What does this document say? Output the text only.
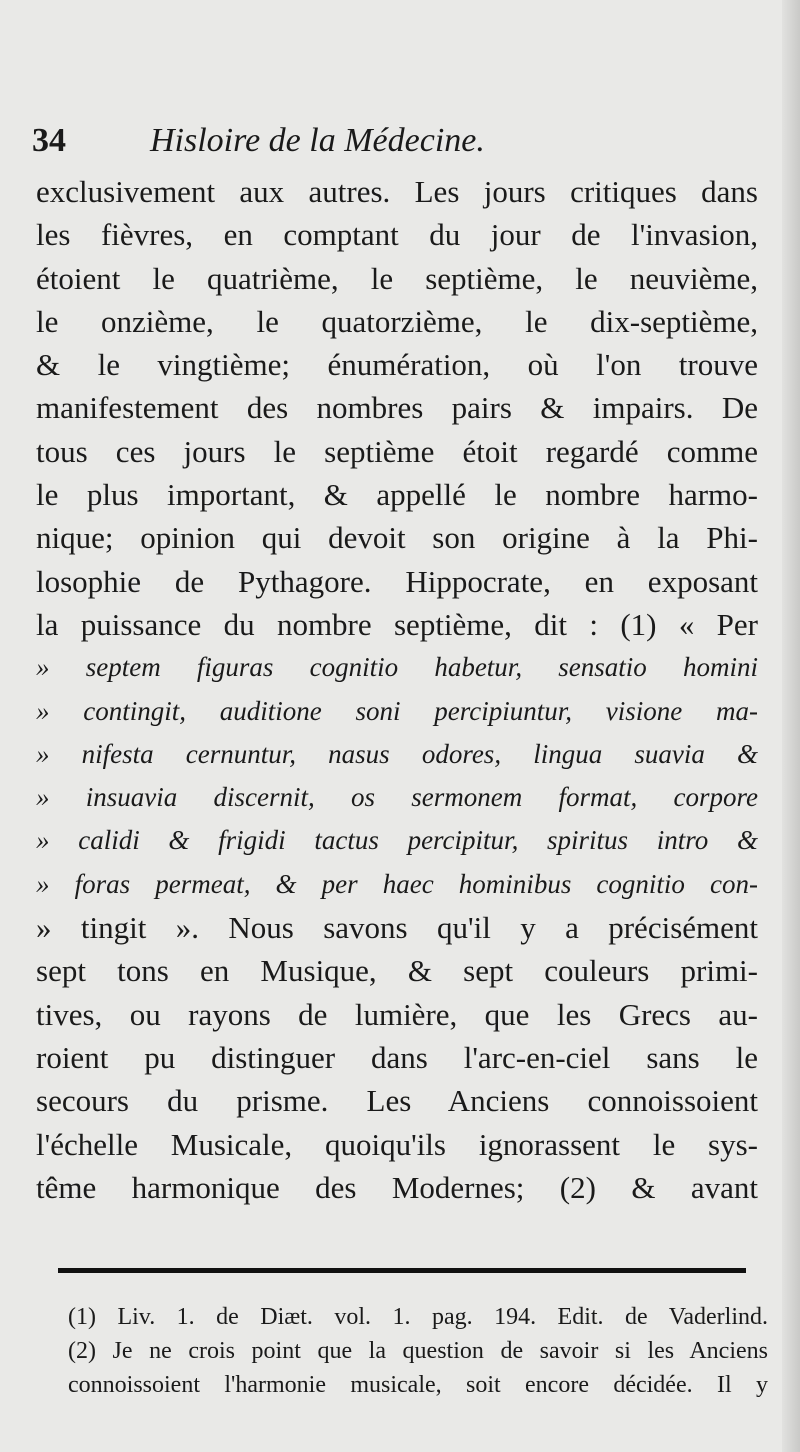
34 Hisloire de la Médecine.
exclusivement aux autres. Les jours critiques dans
les fièvres, en comptant du jour de l'invasion,
étoient le quatrième, le septième, le neuvième,
le onzième, le quatorzième, le dix-septième,
& le vingtième; énumération, où l'on trouve
manifestement des nombres pairs & impairs. De
tous ces jours le septième étoit regardé comme
le plus important, & appellé le nombre harmo-
nique; opinion qui devoit son origine à la Phi-
losophie de Pythagore. Hippocrate, en exposant
la puissance du nombre septième, dit : (1) « Per
» septem figuras cognitio habetur, sensatio homini
» contingit, auditione soni percipiuntur, visione ma-
» nifesta cernuntur, nasus odores, lingua suavia &
» insuavia discernit, os sermonem format, corpore
» calidi & frigidi tactus percipitur, spiritus intro &
» foras permeat, & per haec hominibus cognitio con-
» tingit ». Nous savons qu'il y a précisément
sept tons en Musique, & sept couleurs primi-
tives, ou rayons de lumière, que les Grecs au-
roient pu distinguer dans l'arc-en-ciel sans le
secours du prisme. Les Anciens connoissoient
l'échelle Musicale, quoiqu'ils ignorassent le sys-
tême harmonique des Modernes; (2) & avant
(1) Liv. 1. de Diæt. vol. 1. pag. 194. Edit. de Vaderlind.
(2) Je ne crois point que la question de savoir si les Anciens
connoissoient l'harmonie musicale, soit encore décidée. Il y
